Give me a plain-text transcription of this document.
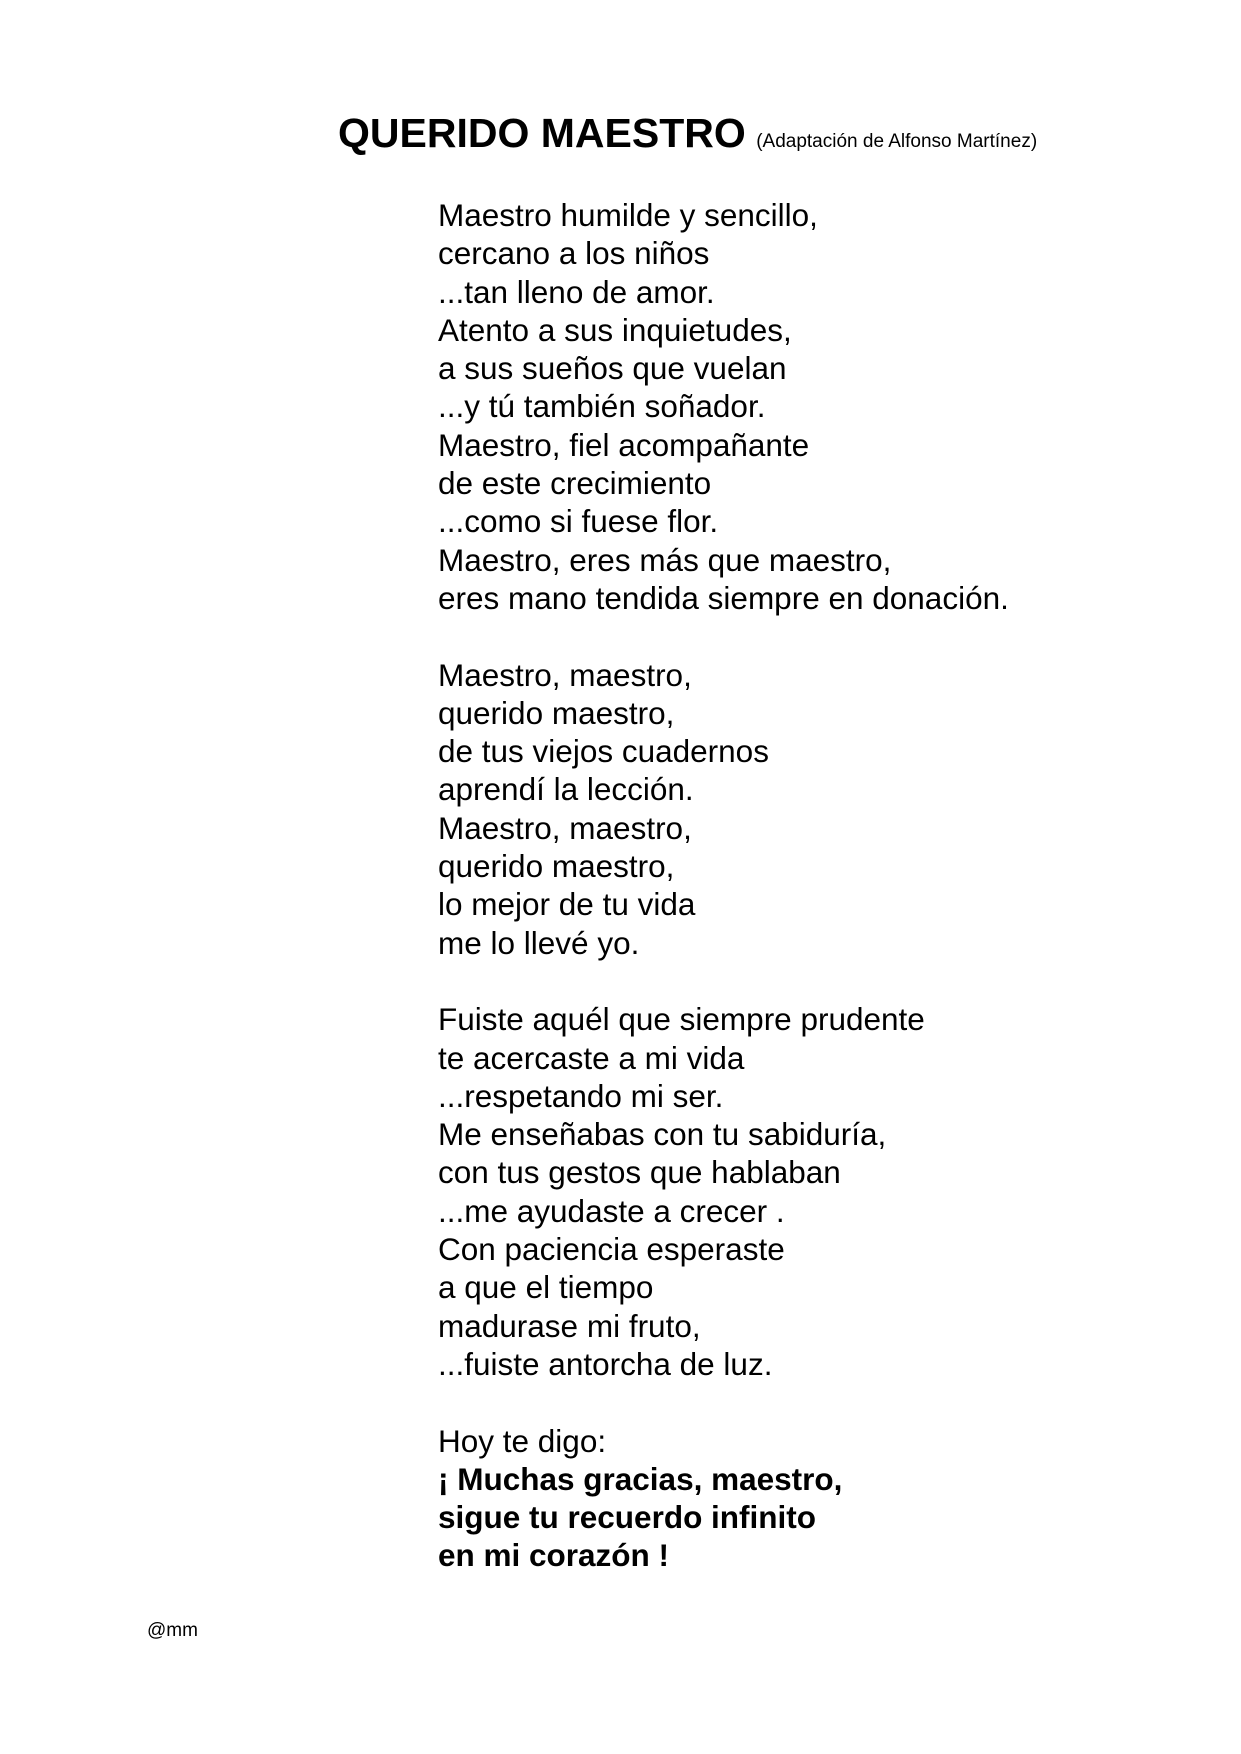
QUERIDO MAESTRO (Adaptación de Alfonso Martínez)
Maestro humilde y sencillo,
cercano a los niños
...tan lleno de amor.
Atento a sus inquietudes,
a sus sueños que vuelan
...y tú también soñador.
Maestro, fiel acompañante
de este crecimiento
...como si fuese flor.
Maestro, eres más que maestro,
eres mano tendida siempre en donación.
Maestro, maestro,
querido maestro,
de tus viejos cuadernos
aprendí la lección.
Maestro, maestro,
querido maestro,
lo mejor de tu vida
me lo llevé yo.
Fuiste aquél que siempre prudente
te acercaste a mi vida
...respetando mi ser.
Me enseñabas con tu sabiduría,
con tus gestos que hablaban
...me ayudaste a crecer .
Con paciencia esperaste
a que el tiempo
madurase mi fruto,
...fuiste antorcha de luz.
Hoy te digo:
¡ Muchas gracias, maestro,
sigue tu recuerdo infinito
en mi corazón !
@mm
